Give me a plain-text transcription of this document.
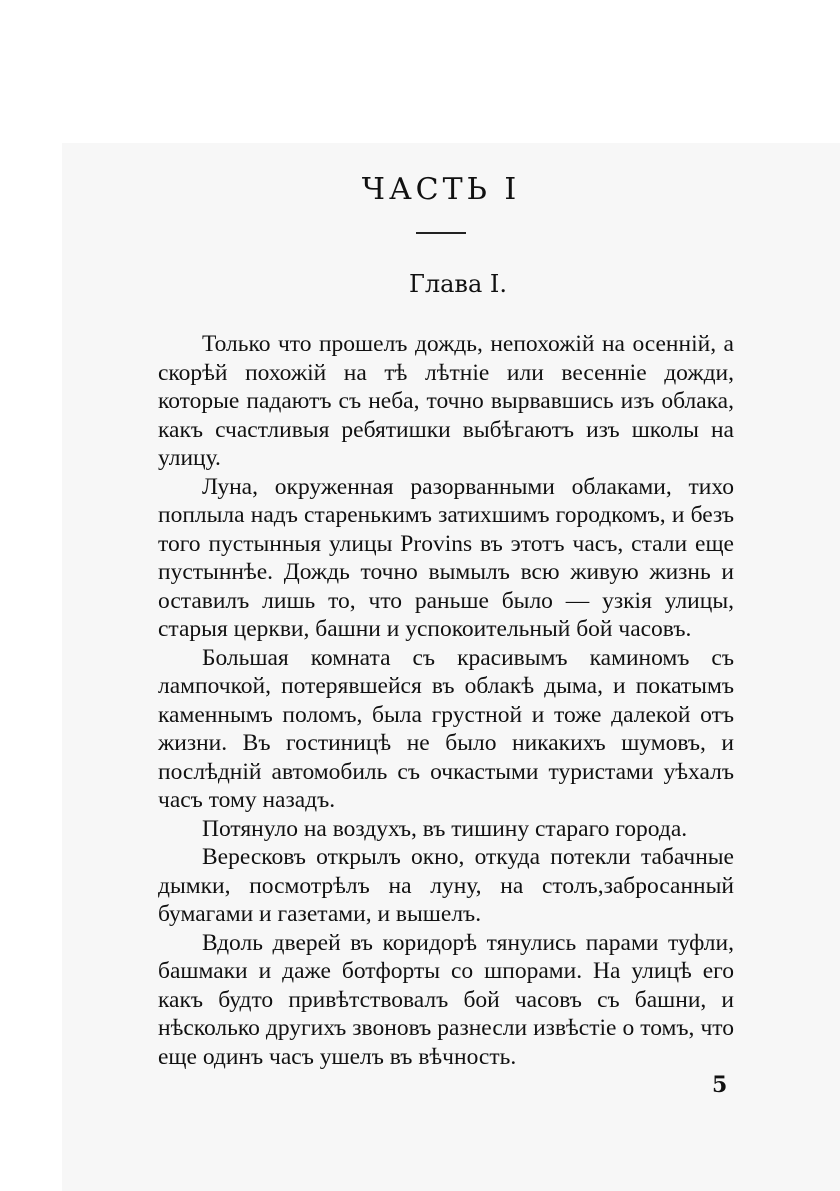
ЧАСТЬ I
Глава I.

Только что прошелъ дождь, непохожій на осенній, а скорѣй похожій на тѣ лѣтніе или весенніе дожди, которые падаютъ съ неба, точно вырвавшись изъ облака, какъ счастливыя ребятишки выбѣгаютъ изъ школы на улицу.

Луна, окруженная разорванными облаками, тихо поплыла надъ старенькимъ затихшимъ городкомъ, и безъ того пустынныя улицы Provins въ этотъ часъ, стали еще пустыннѣе. Дождь точно вымылъ всю живую жизнь и оставилъ лишь то, что раньше было — узкія улицы, старыя церкви, башни и успокоительный бой часовъ.

Большая комната съ красивымъ каминомъ съ лампочкой, потерявшейся въ облакѣ дыма, и покатымъ каменнымъ поломъ, была грустной и тоже далекой отъ жизни. Въ гостиницѣ не было никакихъ шумовъ, и послѣдній автомобиль съ очкастыми туристами уѣхалъ часъ тому назадъ.

Потянуло на воздухъ, въ тишину стараго города.

Вересковъ открылъ окно, откуда потекли табачные дымки, посмотрѣлъ на луну, на столъ,забросанный бумагами и газетами, и вышелъ.

Вдоль дверей въ коридорѣ тянулись парами туфли, башмаки и даже ботфорты со шпорами. На улицѣ его какъ будто привѣтствовалъ бой часовъ съ башни, и нѣсколько другихъ звоновъ разнесли извѣстіе о томъ, что еще одинъ часъ ушелъ въ вѣчность.

5
